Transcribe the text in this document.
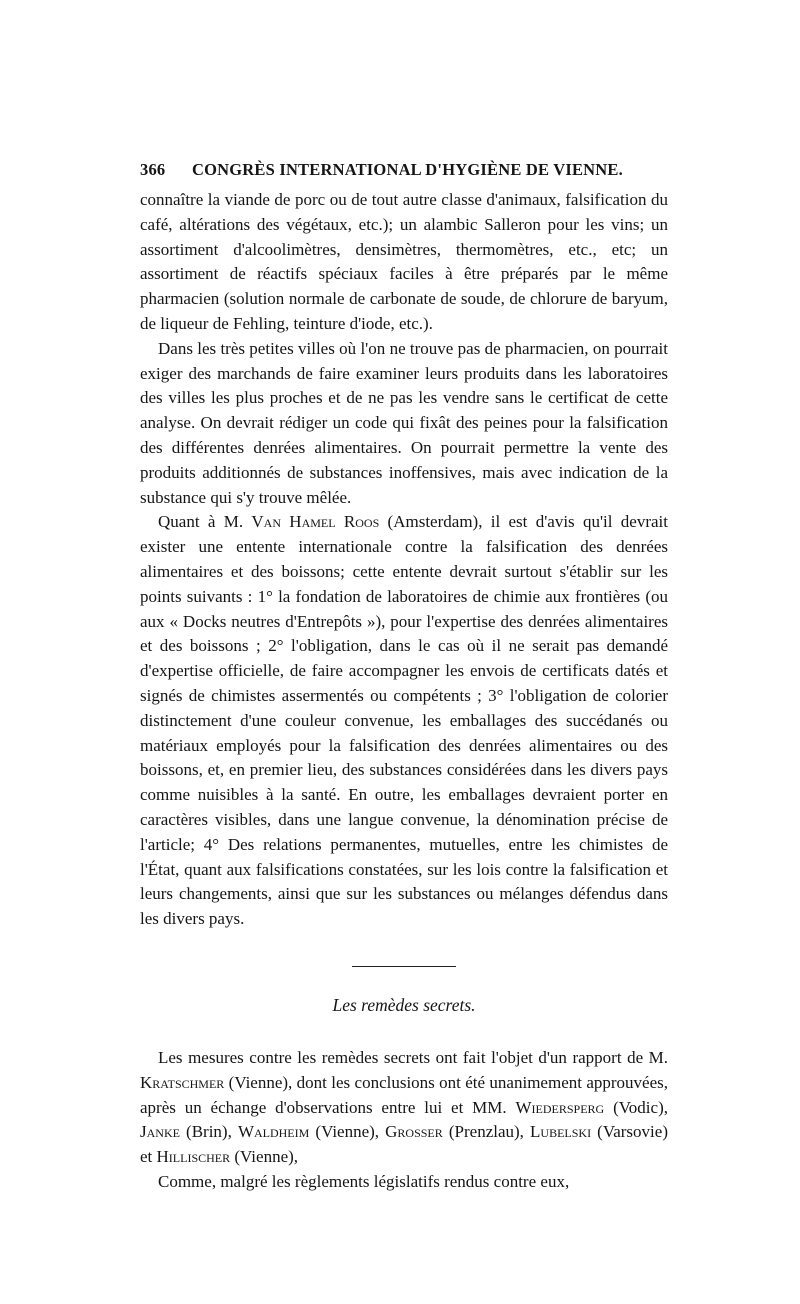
366 CONGRÈS INTERNATIONAL D'HYGIÈNE DE VIENNE.

connaître la viande de porc ou de tout autre classe d'animaux, falsification du café, altérations des végétaux, etc.); un alambic Salleron pour les vins; un assortiment d'alcoolimètres, densimètres, thermomètres, etc., etc; un assortiment de réactifs spéciaux faciles à être préparés par le même pharmacien (solution normale de carbonate de soude, de chlorure de baryum, de liqueur de Fehling, teinture d'iode, etc.).

Dans les très petites villes où l'on ne trouve pas de pharmacien, on pourrait exiger des marchands de faire examiner leurs produits dans les laboratoires des villes les plus proches et de ne pas les vendre sans le certificat de cette analyse. On devrait rédiger un code qui fixât des peines pour la falsification des différentes denrées alimentaires. On pourrait permettre la vente des produits additionnés de substances inoffensives, mais avec indication de la substance qui s'y trouve mêlée.

Quant à M. Van Hamel Roos (Amsterdam), il est d'avis qu'il devrait exister une entente internationale contre la falsification des denrées alimentaires et des boissons; cette entente devrait surtout s'établir sur les points suivants : 1° la fondation de laboratoires de chimie aux frontières (ou aux « Docks neutres d'Entrepôts »), pour l'expertise des denrées alimentaires et des boissons ; 2° l'obligation, dans le cas où il ne serait pas demandé d'expertise officielle, de faire accompagner les envois de certificats datés et signés de chimistes assermentés ou compétents ; 3° l'obligation de colorier distinctement d'une couleur convenue, les emballages des succédanés ou matériaux employés pour la falsification des denrées alimentaires ou des boissons, et, en premier lieu, des substances considérées dans les divers pays comme nuisibles à la santé. En outre, les emballages devraient porter en caractères visibles, dans une langue convenue, la dénomination précise de l'article; 4° Des relations permanentes, mutuelles, entre les chimistes de l'État, quant aux falsifications constatées, sur les lois contre la falsification et leurs changements, ainsi que sur les substances ou mélanges défendus dans les divers pays.

Les remèdes secrets.

Les mesures contre les remèdes secrets ont fait l'objet d'un rapport de M. Kratschmer (Vienne), dont les conclusions ont été unanimement approuvées, après un échange d'observations entre lui et MM. Wiedersperg (Vodic), Janke (Brin), Waldheim (Vienne), Grosser (Prenzlau), Lubelski (Varsovie) et Hillischer (Vienne),

Comme, malgré les règlements législatifs rendus contre eux,
